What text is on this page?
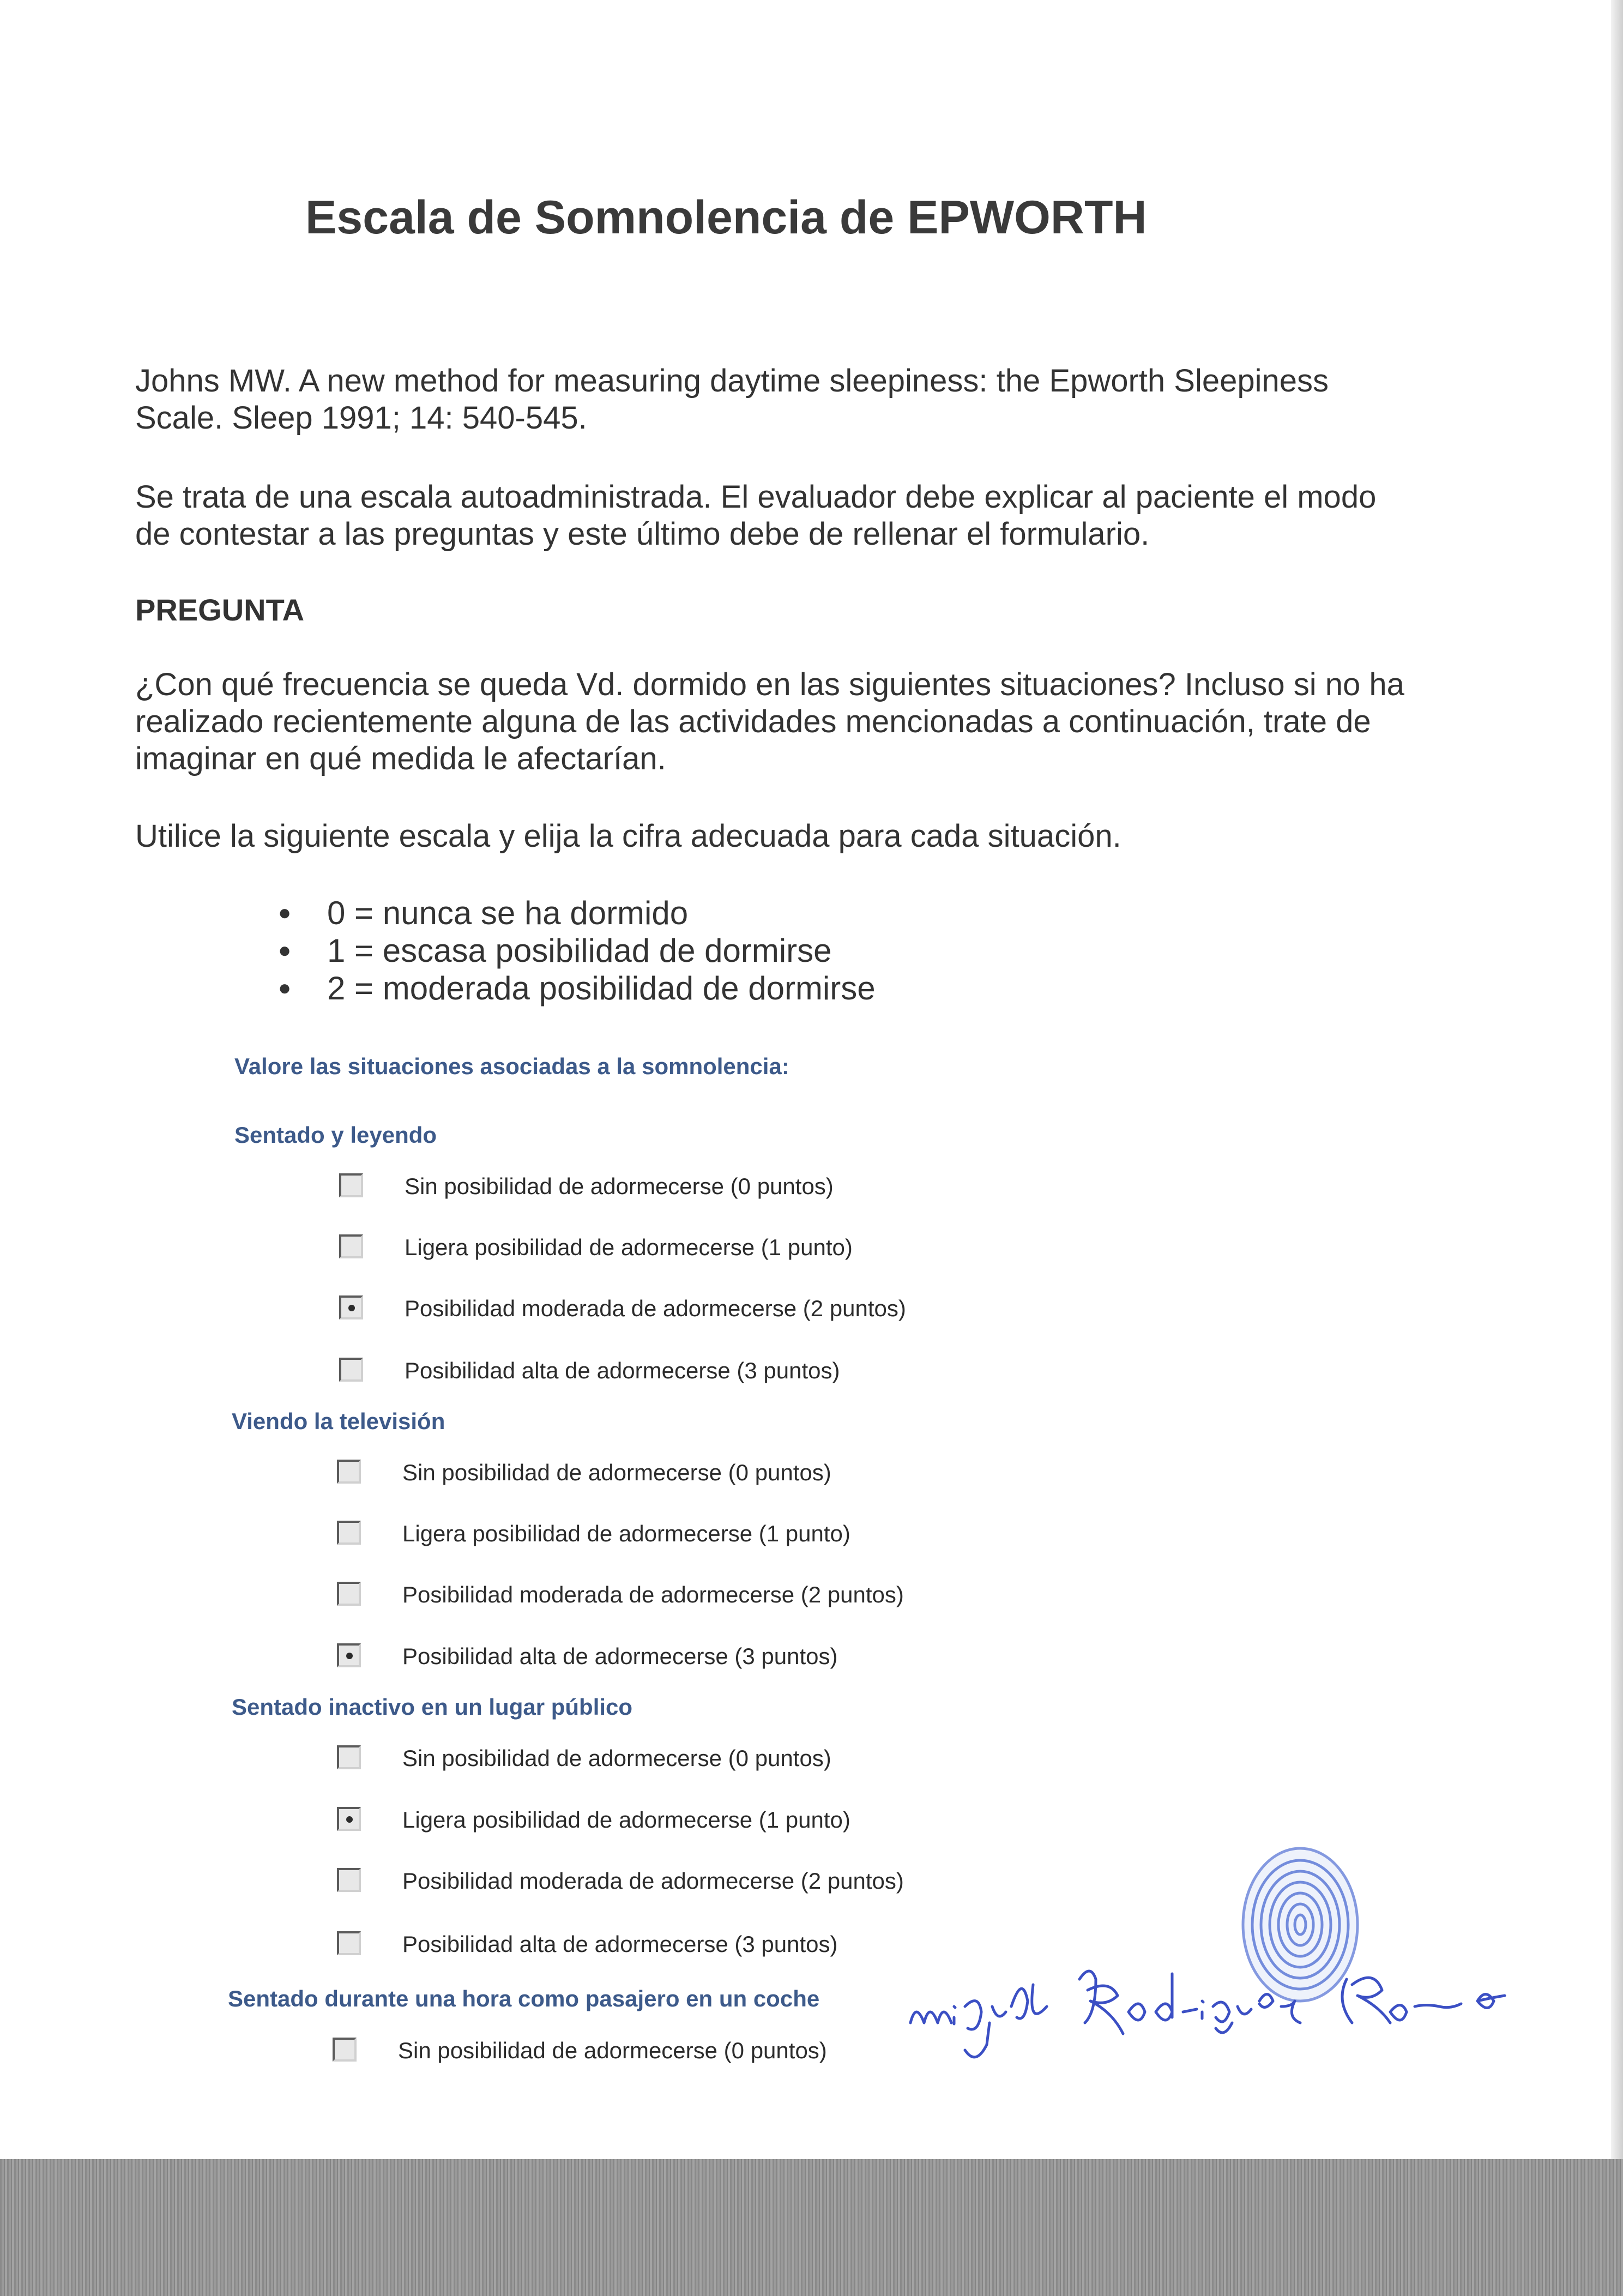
Escala de Somnolencia de EPWORTH

Johns MW. A new method for measuring daytime sleepiness: the Epworth Sleepiness Scale. Sleep 1991; 14: 540-545.

Se trata de una escala autoadministrada. El evaluador debe explicar al paciente el modo de contestar a las preguntas y este último debe de rellenar el formulario.

PREGUNTA

¿Con qué frecuencia se queda Vd. dormido en las siguientes situaciones? Incluso si no ha realizado recientemente alguna de las actividades mencionadas a continuación, trate de imaginar en qué medida le afectarían.

Utilice la siguiente escala y elija la cifra adecuada para cada situación.

● 0 = nunca se ha dormido
● 1 = escasa posibilidad de dormirse
● 2 = moderada posibilidad de dormirse
Valore las situaciones asociadas a la somnolencia:
Sentado y leyendo
Sin posibilidad de adormecerse (0 puntos)
Ligera posibilidad de adormecerse (1 punto)
Posibilidad moderada de adormecerse (2 puntos)
Posibilidad alta de adormecerse (3 puntos)
Viendo la televisión
Sin posibilidad de adormecerse (0 puntos)
Ligera posibilidad de adormecerse (1 punto)
Posibilidad moderada de adormecerse (2 puntos)
Posibilidad alta de adormecerse (3 puntos)
Sentado inactivo en un lugar público
Sin posibilidad de adormecerse (0 puntos)
Ligera posibilidad de adormecerse (1 punto)
Posibilidad moderada de adormecerse (2 puntos)
Posibilidad alta de adormecerse (3 puntos)
Sentado durante una hora como pasajero en un coche
Sin posibilidad de adormecerse (0 puntos)
